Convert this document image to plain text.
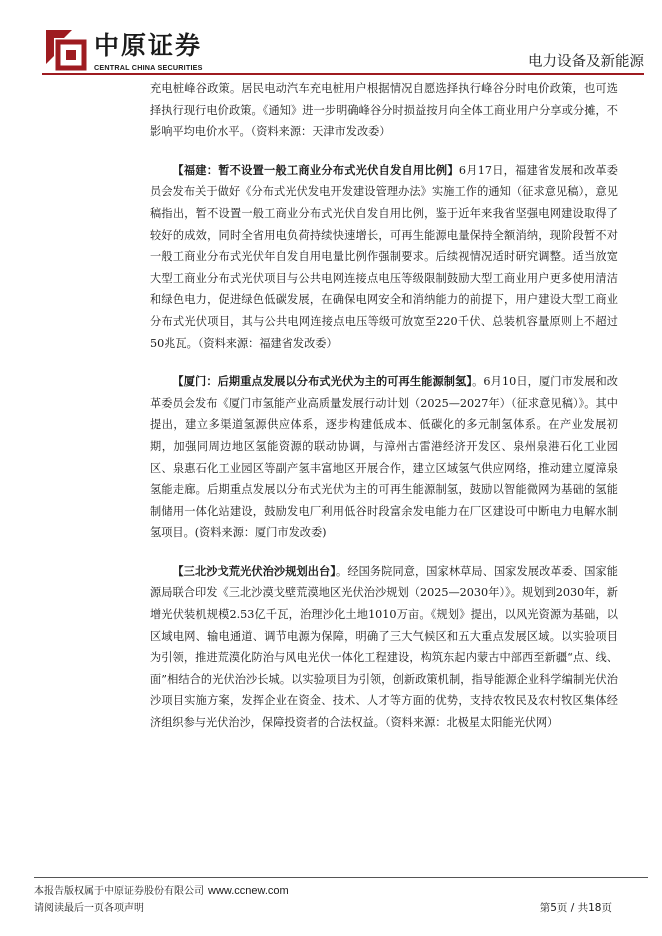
中原证券
CENTRAL CHINA SECURITIES	电力设备及新能源

充电桩峰谷政策。居民电动汽车充电桩用户根据情况自愿选择执行峰谷分时电价政策，也可选择执行现行电价政策。《通知》进一步明确峰谷分时损益按月向全体工商业用户分享或分摊，不影响平均电价水平。（资料来源：天津市发改委）

【福建：暂不设置一般工商业分布式光伏自发自用比例】6月17日，福建省发展和改革委员会发布关于做好《分布式光伏发电开发建设管理办法》实施工作的通知（征求意见稿），意见稿指出，暂不设置一般工商业分布式光伏自发自用比例，鉴于近年来我省坚强电网建设取得了较好的成效，同时全省用电负荷持续快速增长，可再生能源电量保持全额消纳，现阶段暂不对一般工商业分布式光伏年自发自用电量比例作强制要求。后续视情况适时研究调整。适当放宽大型工商业分布式光伏项目与公共电网连接点电压等级限制鼓励大型工商业用户更多使用清洁和绿色电力，促进绿色低碳发展，在确保电网安全和消纳能力的前提下，用户建设大型工商业分布式光伏项目，其与公共电网连接点电压等级可放宽至220千伏、总装机容量原则上不超过50兆瓦。（资料来源：福建省发改委）

【厦门：后期重点发展以分布式光伏为主的可再生能源制氢】。6月10日，厦门市发展和改革委员会发布《厦门市氢能产业高质量发展行动计划（2025—2027年）（征求意见稿）》。其中提出，建立多渠道氢源供应体系，逐步构建低成本、低碳化的多元制氢体系。在产业发展初期，加强同周边地区氢能资源的联动协调，与漳州古雷港经济开发区、泉州泉港石化工业园区、泉惠石化工业园区等副产氢丰富地区开展合作，建立区域氢气供应网络，推动建立厦漳泉氢能走廊。后期重点发展以分布式光伏为主的可再生能源制氢，鼓励以智能微网为基础的氢能制储用一体化站建设，鼓励发电厂利用低谷时段富余发电能力在厂区建设可中断电力电解水制氢项目。(资料来源：厦门市发改委)

【三北沙戈荒光伏治沙规划出台】。经国务院同意，国家林草局、国家发展改革委、国家能源局联合印发《三北沙漠戈壁荒漠地区光伏治沙规划（2025—2030年）》。规划到2030年，新增光伏装机规模2.53亿千瓦，治理沙化土地1010万亩。《规划》提出，以风光资源为基础，以区域电网、输电通道、调节电源为保障，明确了三大气候区和五大重点发展区域。以实验项目为引领，推进荒漠化防治与风电光伏一体化工程建设，构筑东起内蒙古中部西至新疆“点、线、面”相结合的光伏治沙长城。以实验项目为引领，创新政策机制，指导能源企业科学编制光伏治沙项目实施方案，发挥企业在资金、技术、人才等方面的优势，支持农牧民及农村牧区集体经济组织参与光伏治沙，保障投资者的合法权益。（资料来源：北极星太阳能光伏网）

本报告版权属于中原证券股份有限公司 www.ccnew.com
请阅读最后一页各项声明	第5页 / 共18页
